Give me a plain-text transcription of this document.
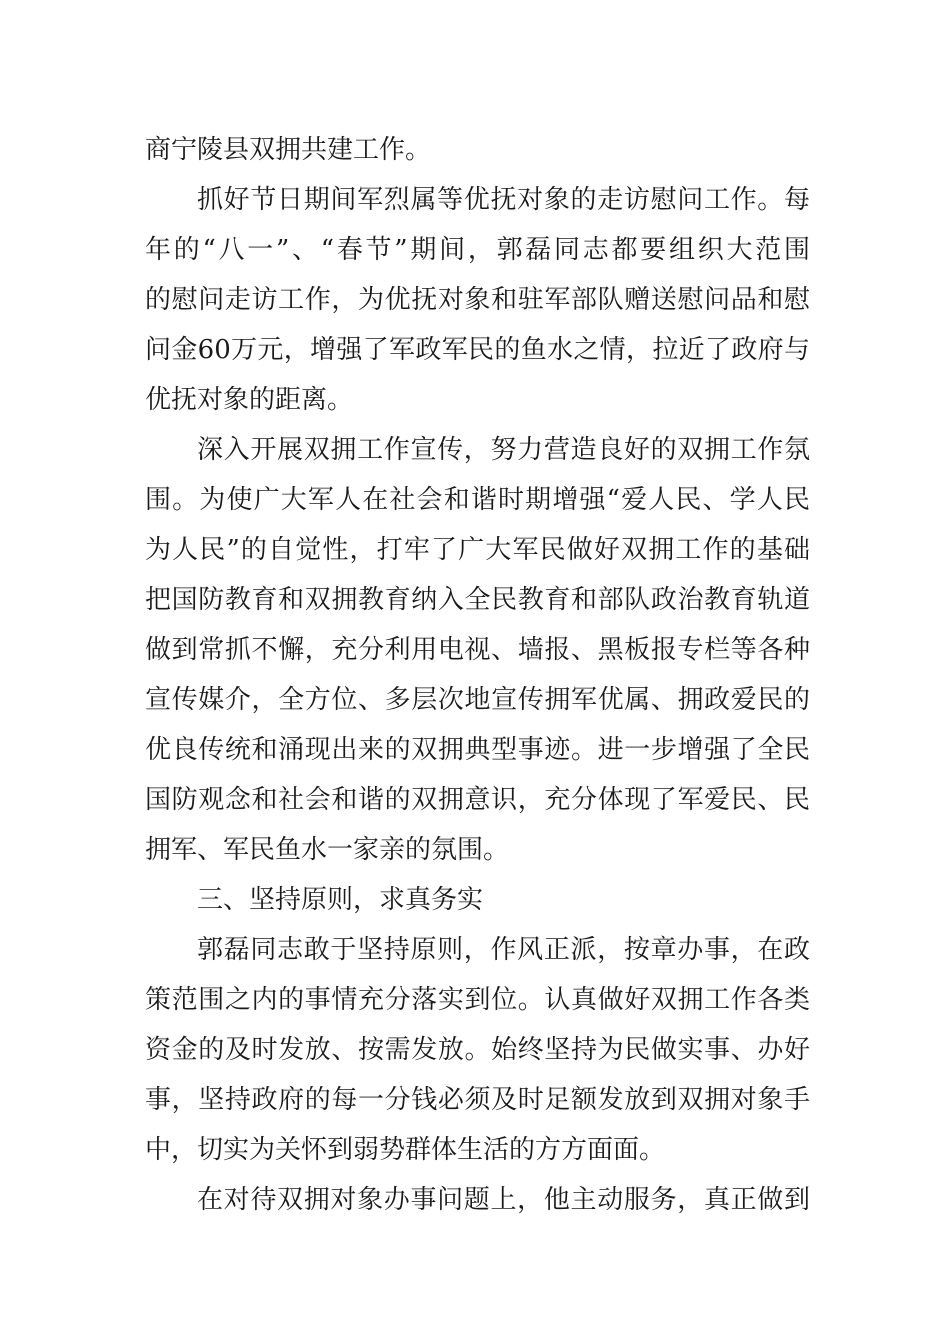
商宁陵县双拥共建工作。
抓好节日期间军烈属等优抚对象的走访慰问工作。每
年的“八一”、“春节”期间，郭磊同志都要组织大范围
的慰问走访工作，为优抚对象和驻军部队赠送慰问品和慰
问金60万元，增强了军政军民的鱼水之情，拉近了政府与
优抚对象的距离。
深入开展双拥工作宣传，努力营造良好的双拥工作氛
围。为使广大军人在社会和谐时期增强“爱人民、学人民
为人民”的自觉性，打牢了广大军民做好双拥工作的基础
把国防教育和双拥教育纳入全民教育和部队政治教育轨道
做到常抓不懈，充分利用电视、墙报、黑板报专栏等各种
宣传媒介，全方位、多层次地宣传拥军优属、拥政爱民的
优良传统和涌现出来的双拥典型事迹。进一步增强了全民
国防观念和社会和谐的双拥意识，充分体现了军爱民、民
拥军、军民鱼水一家亲的氛围。
三、坚持原则，求真务实
郭磊同志敢于坚持原则，作风正派，按章办事，在政
策范围之内的事情充分落实到位。认真做好双拥工作各类
资金的及时发放、按需发放。始终坚持为民做实事、办好
事，坚持政府的每一分钱必须及时足额发放到双拥对象手
中，切实为关怀到弱势群体生活的方方面面。
在对待双拥对象办事问题上，他主动服务，真正做到
